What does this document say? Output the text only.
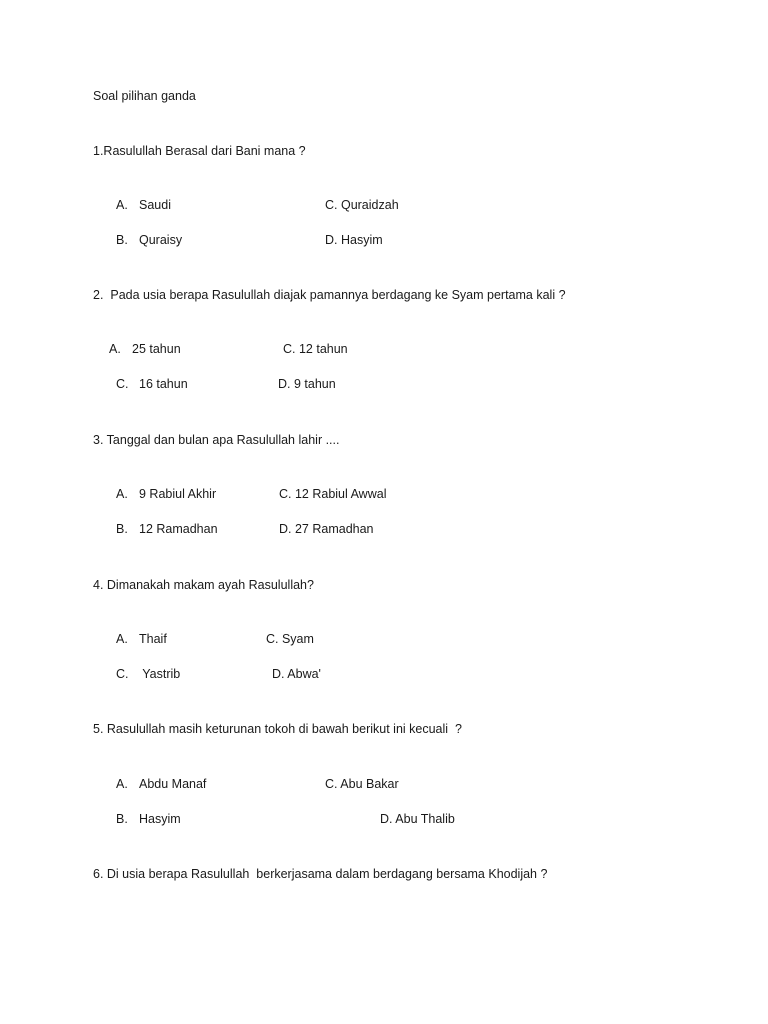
Soal pilihan ganda
1.Rasulullah Berasal dari Bani mana ?
A. Saudi	C. Quraidzah
B. Quraisy	D. Hasyim
2.  Pada usia berapa Rasulullah diajak pamannya berdagang ke Syam pertama kali ?
A. 25 tahun	C. 12 tahun
C. 16 tahun	D. 9 tahun
3. Tanggal dan bulan apa Rasulullah lahir ....
A. 9 Rabiul Akhir	C. 12 Rabiul Awwal
B. 12 Ramadhan	D. 27 Ramadhan
4. Dimanakah makam ayah Rasulullah?
A. Thaif	C. Syam
C. Yastrib	D. Abwa'
5. Rasulullah masih keturunan tokoh di bawah berikut ini kecuali  ?
A. Abdu Manaf	C. Abu Bakar
B. Hasyim	D. Abu Thalib
6. Di usia berapa Rasulullah  berkerjasama dalam berdagang bersama Khodijah ?
